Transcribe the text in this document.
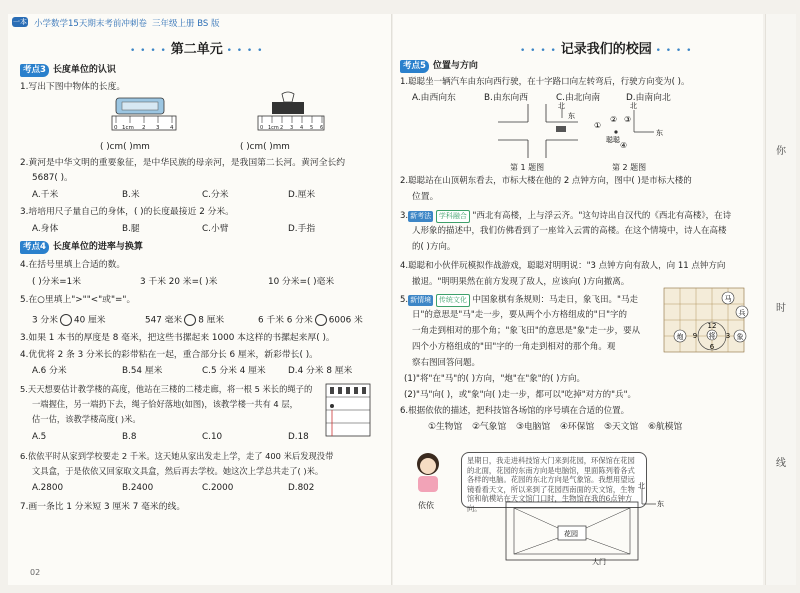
你
时
线
一本 小学数学15天期末考前冲刺卷 三年级上册 BS 版
• • • • 第二单元 • • • •
考点3 长度单位的认识
1.写出下图中物体的长度。
0 1cm 2 3 4	0 1cm 2 3 4 5 6
( )cm( )mm	( )cm( )mm
2.黄河是中华文明的重要象征，是中华民族的母亲河，是我国第二长河。黄河全长约
5687( )。
A.千米	B.米	C.分米	D.厘米
3.培培用尺子量自己的身体，( )的长度最接近 2 分米。
A.身体	B.腿	C.小臂	D.手指
考点4 长度单位的进率与换算
4.在括号里填上合适的数。
( )分米=1米	3 千米 20 米=( )米	10 分米=( )毫米
5.在○里填上">""<"或"="。
3 分米 40 厘米	547 毫米 8 厘米	6 千米 6 分米 6006 米
3.如果 1 本书的厚度是 8 毫米，把这些书摞起来 1000 本这样的书摞起来厚( )。
4.优优将 2 条 3 分米长的彩带粘在一起，重合部分长 6 厘米，新彩带长( )。
A.6 分米	B.54 厘米	C.5 分米 4 厘米	D.4 分米 8 厘米
5.天天想要估计教学楼的高度，他站在三楼的二楼走廊，将一根 5 米长的绳子的
一端握住，另一端扔下去，绳子恰好落地(如图)，该教学楼一共有 4 层，
估一估，该教学楼高度( )米。
A.5	B.8	C.10	D.18
6.依依平时从家到学校要走 2 千米。这天她从家出发走上学，走了 400 米后发现没带
文具盒，于是依依又回家取文具盒，然后再去学校。她这次上学总共走了( )米。
A.2800	B.2400	C.2000	D.802
7.画一条比 1 分米短 3 厘米 7 毫米的线。
02
• • • • 记录我们的校园 • • • •
考点5 位置与方向
1.聪聪坐一辆汽车由东向西行驶，在十字路口向左转弯后，行驶方向变为( )。
A.由西向东	B.由东向西	C.由北向南	D.由南向北
北
东
第 1 题图
北
东
①
② ③
④
聪聪
第 2 题图
2.聪聪站在山顶朝东看去，市标大楼在他的 2 点钟方向，图中( )是市标大楼的
位置。
3. 新考法 学科融合 "西北有高楼，上与浮云齐。"这句诗出自汉代的《西北有高楼》，在诗
人形象的描述中，我们仿佛看到了一座耸入云霄的高楼。在这个情境中，诗人在高楼
的( )方向。
4.聪聪和小伙伴玩模拟作战游戏，聪聪对明明说："3 点钟方向有敌人，向 11 点钟方向
撤退。"明明果然在前方发现了敌人，应该向( )方向撤离。
5. 新情境 传统文化 中国象棋有条规则：马走日，象飞田。"马走
日"的意思是"马"走一步，要从两个小方格组成的"日"字的
一角走到相对的那个角；"象飞田"的意思是"象"走一步，要从
四个小方格组成的"田"字的一角走到相对的那个角。观
察右图回答问题。
马
兵
12
6
3
9 将
炮	象
(1)"将"在"马"的( )方向，"炮"在"象"的( )方向。
(2)"马"向( )，或"象"向( )走一步，都可以"吃掉"对方的"兵"。
6.根据依依的描述，把科技馆各场馆的序号填在合适的位置。
①生物馆 ②气象馆 ③电脑馆 ④环保馆 ⑤天文馆 ⑥航模馆
依依
星期日，我走进科技馆大门来到花园，环保馆在花园的北面，花园的东南方向是电脑馆，里面陈列着各式各样的电脑。花园的东北方向是气象馆。我想用望远镜看看天文，所以来到了花园西南面的天文馆，生物馆和航模站在天文馆门口时，生物馆在我的6点钟方向。
北
东
花园
大门
